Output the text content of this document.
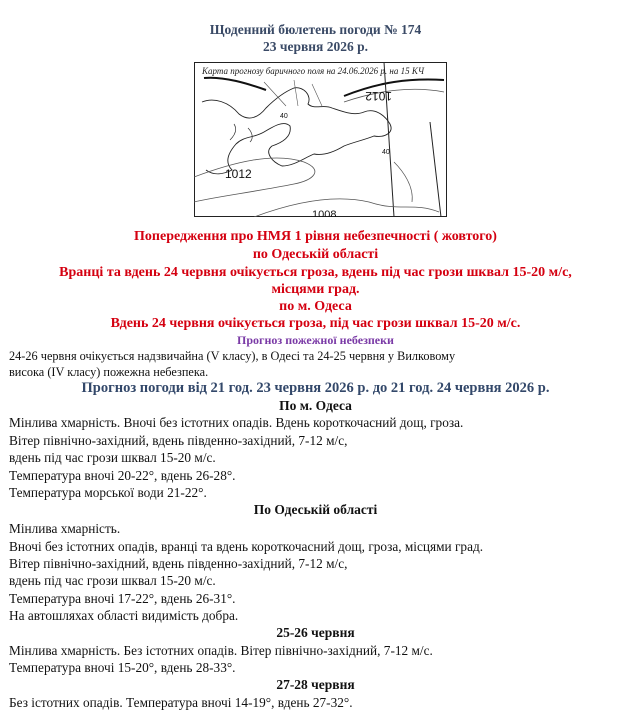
Щоденний бюлетень погоди № 174
23 червня 2026 р.
Карта прогнозу баричного поля на 24.06.2026 р. на 15 КЧ
1012
1012
1008
40
40
Попередження про НМЯ 1 рівня небезпечності ( жовтого)
по Одеській області
Вранці та вдень 24 червня очікується гроза, вдень під час грози шквал 15-20 м/с,
місцями град.
по м. Одеса
Вдень 24 червня очікується гроза, під час грози шквал 15-20 м/с.
Прогноз пожежної небезпеки
24-26 червня очікується надзвичайна (V класу), в Одесі та 24-25 червня у Вилковому
висока (IV класу) пожежна небезпека.
Прогноз погоди від 21 год. 23 червня 2026 р. до 21 год. 24 червня 2026 р.
По м. Одеса
Мінлива хмарність. Вночі без істотних опадів. Вдень короткочасний дощ, гроза.
Вітер північно-західний, вдень південно-західний, 7-12 м/с,
вдень під час грози шквал 15-20 м/с.
Температура вночі 20-22°, вдень 26-28°.
Температура морської води 21-22°.
По Одеській області
Мінлива хмарність.
Вночі без істотних опадів, вранці та вдень короткочасний дощ, гроза, місцями град.
Вітер північно-західний, вдень південно-західний, 7-12 м/с,
вдень під час грози шквал 15-20 м/с.
Температура вночі 17-22°, вдень 26-31°.
На автошляхах області видимість добра.
25-26 червня
Мінлива хмарність. Без істотних опадів. Вітер північно-західний, 7-12 м/с.
Температура вночі 15-20°, вдень 28-33°.
27-28 червня
Без істотних опадів. Температура вночі 14-19°, вдень 27-32°.
